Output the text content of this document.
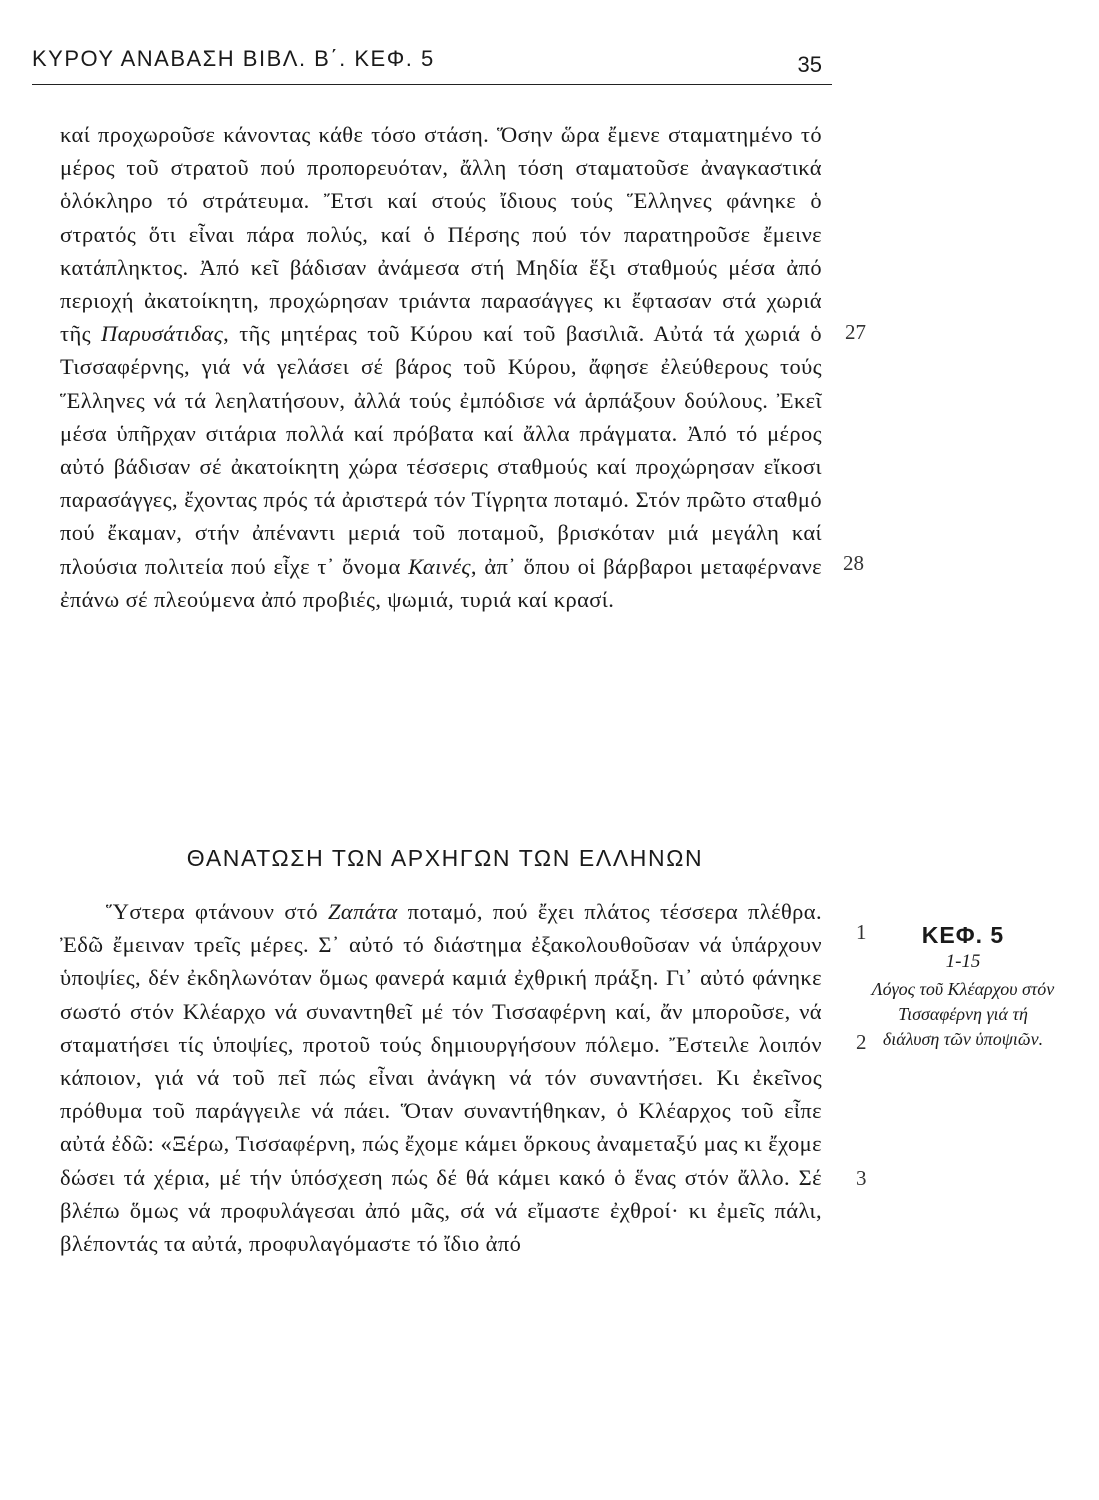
ΚΥΡΟΥ ΑΝΑΒΑΣΗ ΒΙΒΛ. Β΄. ΚΕΦ. 5	35
καί προχωροῦσε κάνοντας κάθε τόσο στάση. Ὅσην ὥρα ἔμενε σταματημένο τό μέρος τοῦ στρατοῦ πού προπορευόταν, ἄλλη τόση σταματοῦσε ἀναγκαστικά ὁλόκληρο τό στράτευμα. Ἔτσι καί στούς ἴδιους τούς Ἕλληνες φάνηκε ὁ στρατός ὅτι εἶναι πάρα πολύς, καί ὁ Πέρσης πού τόν παρατηροῦσε ἔμεινε κατάπληκτος. Ἀπό κεῖ βάδισαν ἀνάμεσα στή Μηδία ἕξι σταθμούς μέσα ἀπό περιοχή ἀκατοίκητη, προχώρησαν τριάντα παρασάγγες κι ἔφτασαν στά χωριά τῆς Παρυσάτιδας, τῆς μητέρας τοῦ Κύρου καί τοῦ βασιλιᾶ. Αὐτά τά χωριά ὁ Τισσαφέρνης, γιά νά γελάσει σέ βάρος τοῦ Κύρου, ἄφησε ἐλεύθερους τούς Ἕλληνες νά τά λεηλατήσουν, ἀλλά τούς ἐμπόδισε νά ἁρπάξουν δούλους. Ἐκεῖ μέσα ὑπῆρχαν σιτάρια πολλά καί πρόβατα καί ἄλλα πράγματα. Ἀπό τό μέρος αὐτό βάδισαν σέ ἀκατοίκητη χώρα τέσσερις σταθμούς καί προχώρησαν εἴκοσι παρασάγγες, ἔχοντας πρός τά ἀριστερά τόν Τίγρητα ποταμό. Στόν πρῶτο σταθμό πού ἔκαμαν, στήν ἀπέναντι μεριά τοῦ ποταμοῦ, βρισκόταν μιά μεγάλη καί πλούσια πολιτεία πού εἶχε τ᾿ ὄνομα Καινές, ἀπ᾿ ὅπου οἱ βάρβαροι μεταφέρνανε ἐπάνω σέ πλεούμενα ἀπό προβιές, ψωμιά, τυριά καί κρασί.
27
28
ΘΑΝΑΤΩΣΗ ΤΩΝ ΑΡΧΗΓΩΝ ΤΩΝ ΕΛΛΗΝΩΝ
Ὕστερα φτάνουν στό Ζαπάτα ποταμό, πού ἔχει πλάτος τέσσερα πλέθρα. Ἐδῶ ἔμειναν τρεῖς μέρες. Σ᾿ αὐτό τό διάστημα ἐξακολουθοῦσαν νά ὑπάρχουν ὑποψίες, δέν ἐκδηλωνόταν ὅμως φανερά καμιά ἐχθρική πράξη. Γι᾿ αὐτό φάνηκε σωστό στόν Κλέαρχο νά συναντηθεῖ μέ τόν Τισσαφέρνη καί, ἄν μποροῦσε, νά σταματήσει τίς ὑποψίες, προτοῦ τούς δημιουργήσουν πόλεμο. Ἔστειλε λοιπόν κάποιον, γιά νά τοῦ πεῖ πώς εἶναι ἀνάγκη νά τόν συναντήσει. Κι ἐκεῖνος πρόθυμα τοῦ παράγγειλε νά πάει. Ὅταν συναντήθηκαν, ὁ Κλέαρχος τοῦ εἶπε αὐτά ἐδῶ: «Ξέρω, Τισσαφέρνη, πώς ἔχομε κάμει ὅρκους ἀναμεταξύ μας κι ἔχομε δώσει τά χέρια, μέ τήν ὑπόσχεση πώς δέ θά κάμει κακό ὁ ἕνας στόν ἄλλο. Σέ βλέπω ὅμως νά προφυλάγεσαι ἀπό μᾶς, σά νά εἴμαστε ἐχθροί· κι ἐμεῖς πάλι, βλέποντάς τα αὐτά, προφυλαγόμαστε τό ἴδιο ἀπό
1
2
3
ΚΕΦ. 5
1-15
Λόγος τοῦ Κλέαρχου στόν Τισσαφέρνη γιά τή διάλυση τῶν ὑποψιῶν.
